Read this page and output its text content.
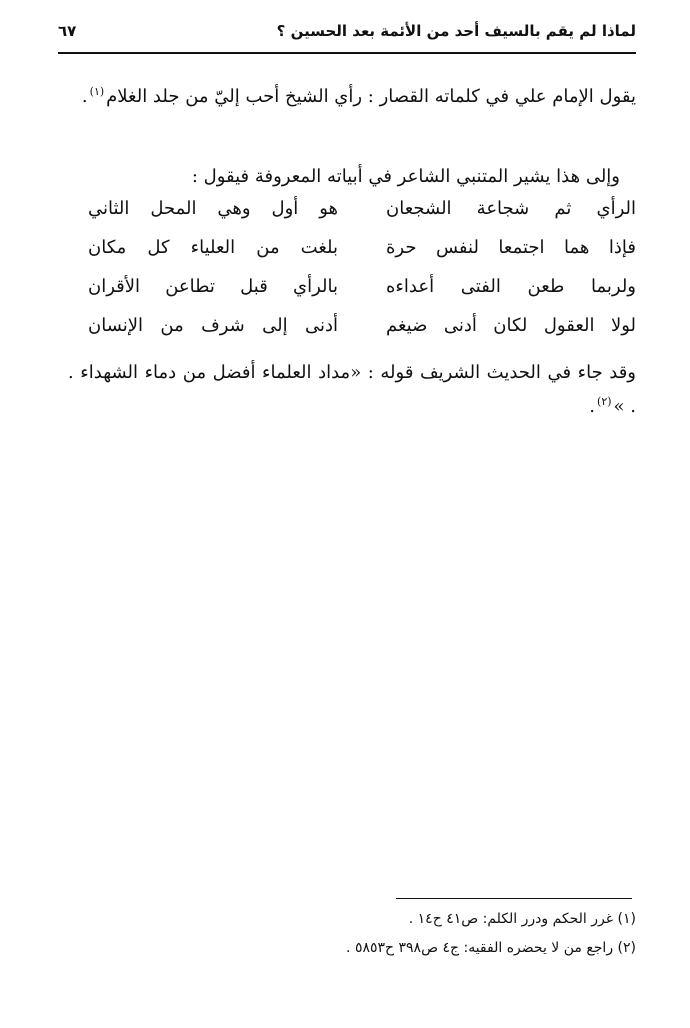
لماذا لم يقم بالسيف أحد من الأئمة بعد الحسين ؟
٦٧
يقول الإمام علي في كلماته القصار : رأي الشيخ أحب إليّ من جلد الغلام$^{(١)}$.
وإلى هذا يشير المتنبي الشاعر في أبياته المعروفة فيقول :
الرأي ثم شجاعة الشجعان
هو أول وهي المحل الثاني
فإذا هما اجتمعا لنفس حرة
بلغت من العلياء كل مكان
ولربما طعن الفتى أعداءه
بالرأي قبل تطاعن الأقران
لولا العقول لكان أدنى ضيغم
أدنى إلى شرف من الإنسان
وقد جاء في الحديث الشريف قوله : «مداد العلماء أفضل من دماء الشهداء . . »$^{(٢)}$.
(١) غرر الحكم ودرر الكلم: ص٤١ ح١٤ .
(٢) راجع من لا يحضره الفقيه: ج٤ ص٣٩٨ ح٥٨٥٣ .
